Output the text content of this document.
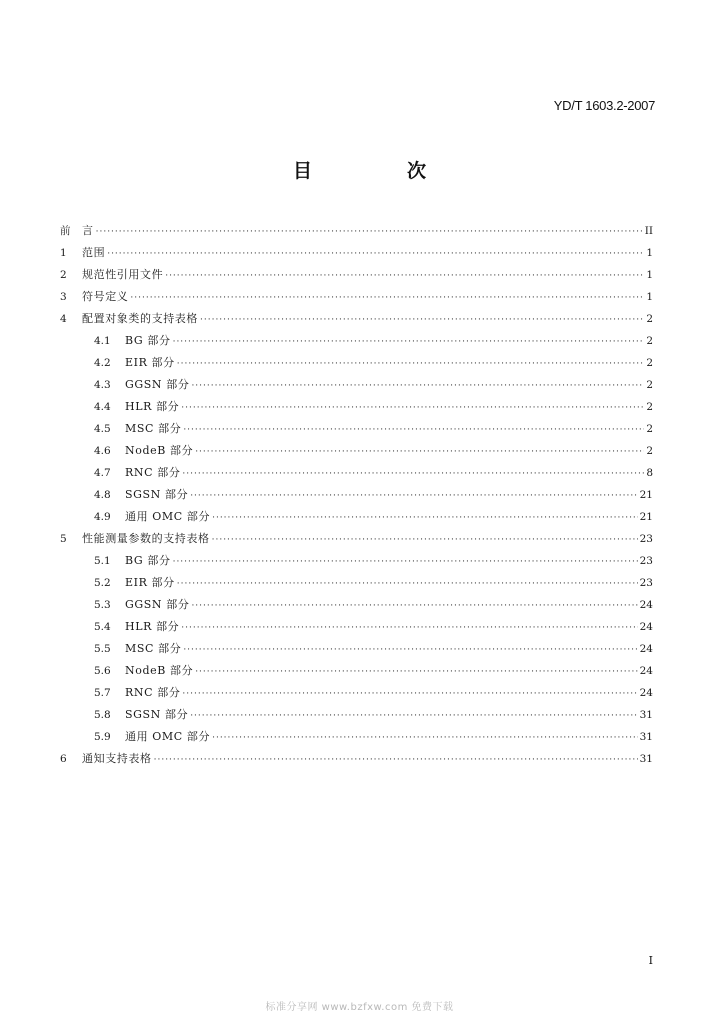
YD/T 1603.2-2007
目　次
前	言 ·····	II
1	范围 ·····	1
2	规范性引用文件 ·····	1
3	符号定义 ·····	1
4	配置对象类的支持表格 ·····	2
4.1	BG 部分 ·····	2
4.2	EIR 部分 ·····	2
4.3	GGSN 部分 ·····	2
4.4	HLR 部分 ·····	2
4.5	MSC 部分 ·····	2
4.6	NodeB 部分 ·····	2
4.7	RNC 部分 ·····	8
4.8	SGSN 部分 ·····	21
4.9	通用 OMC 部分 ·····	21
5	性能测量参数的支持表格 ·····	23
5.1	BG 部分 ·····	23
5.2	EIR 部分 ·····	23
5.3	GGSN 部分 ·····	24
5.4	HLR 部分 ·····	24
5.5	MSC 部分 ·····	24
5.6	NodeB 部分 ·····	24
5.7	RNC 部分 ·····	24
5.8	SGSN 部分 ·····	31
5.9	通用 OMC 部分 ·····	31
6	通知支持表格 ·····	31
I
标准分享网 www.bzfxw.com 免费下载
